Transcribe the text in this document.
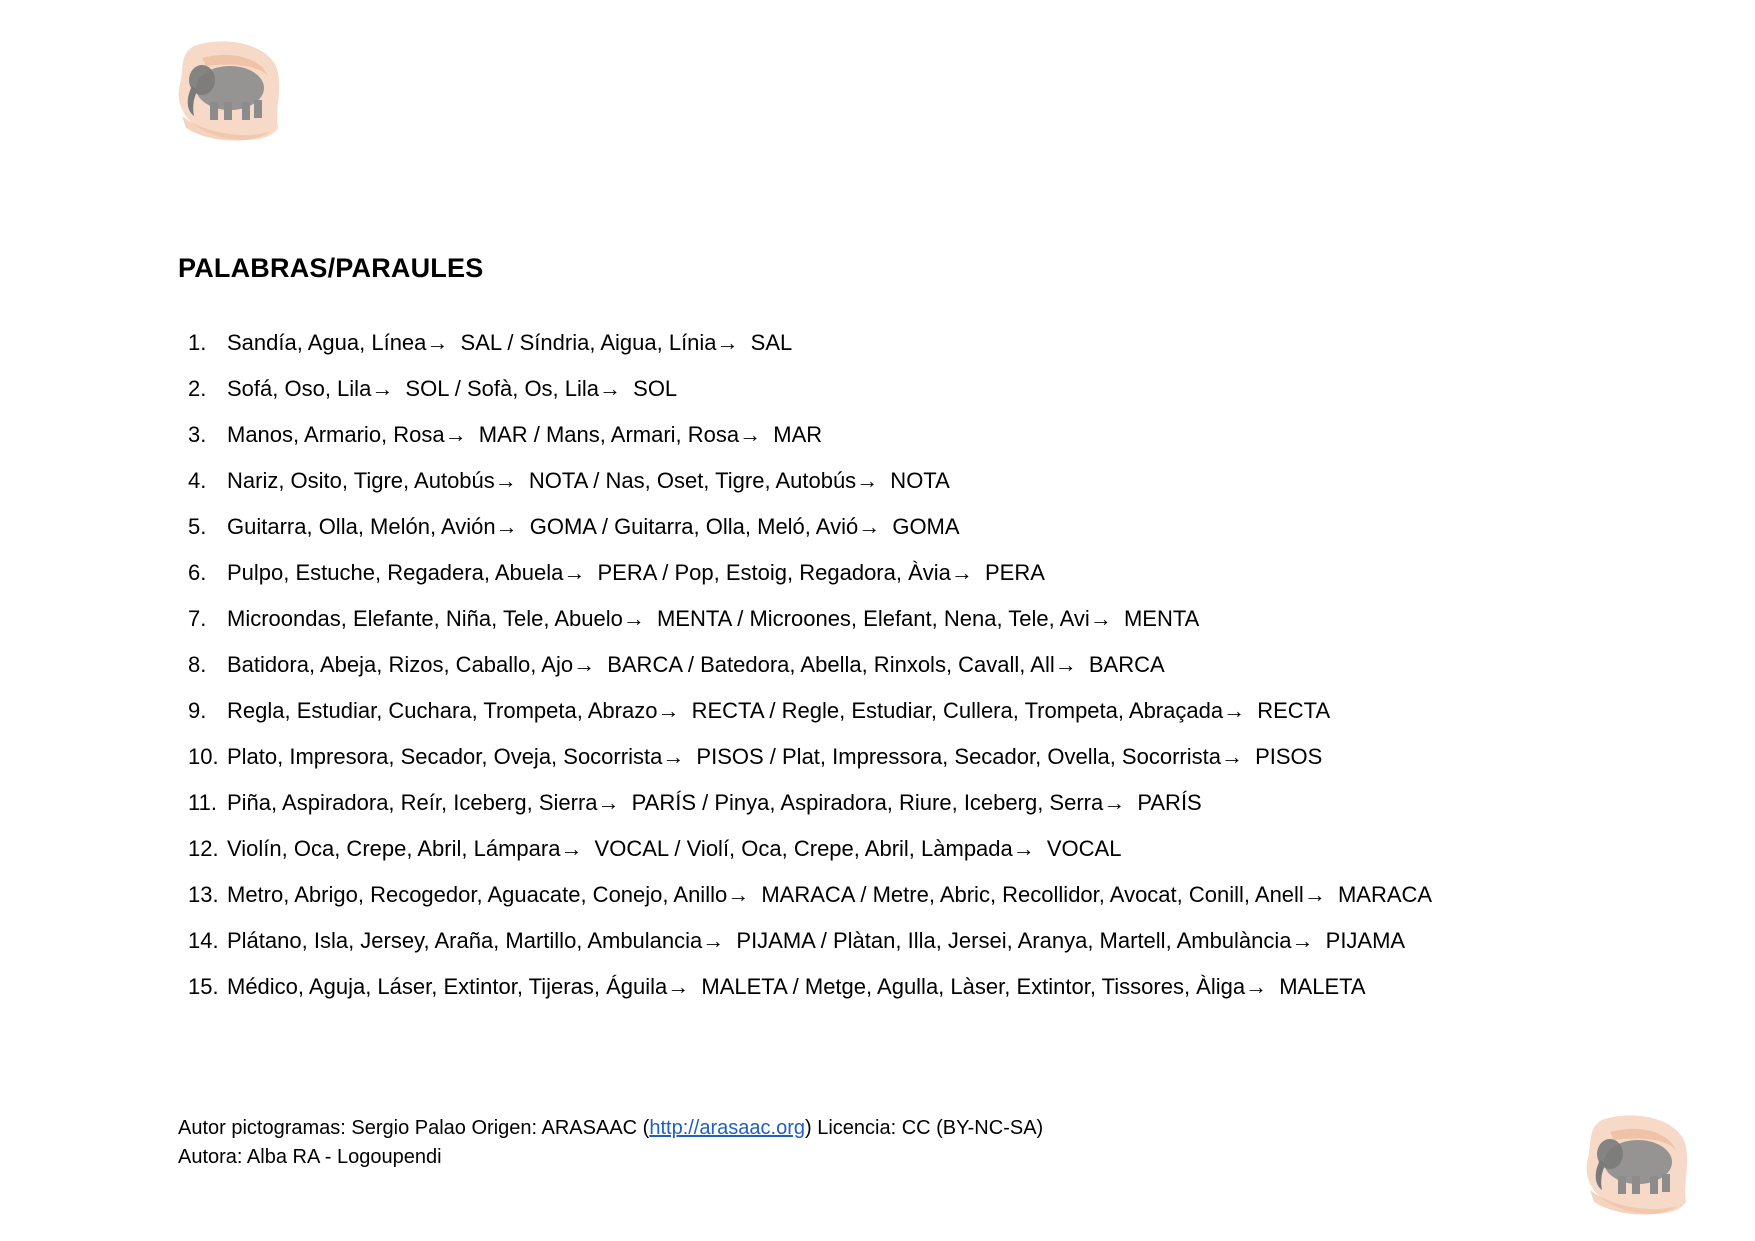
PALABRAS/PARAULES
1. Sandía, Agua, Línea→ SAL / Síndria, Aigua, Línia→ SAL
2. Sofá, Oso, Lila→ SOL / Sofà, Os, Lila→ SOL
3. Manos, Armario, Rosa→ MAR / Mans, Armari, Rosa→ MAR
4. Nariz, Osito, Tigre, Autobús→ NOTA / Nas, Oset, Tigre, Autobús→ NOTA
5. Guitarra, Olla, Melón, Avión→ GOMA / Guitarra, Olla, Meló, Avió→ GOMA
6. Pulpo, Estuche, Regadera, Abuela→ PERA / Pop, Estoig, Regadora, Àvia→ PERA
7. Microondas, Elefante, Niña, Tele, Abuelo→ MENTA / Microones, Elefant, Nena, Tele, Avi→ MENTA
8. Batidora, Abeja, Rizos, Caballo, Ajo→ BARCA / Batedora, Abella, Rinxols, Cavall, All→ BARCA
9. Regla, Estudiar, Cuchara, Trompeta, Abrazo→ RECTA / Regle, Estudiar, Cullera, Trompeta, Abraçada→ RECTA
10. Plato, Impresora, Secador, Oveja, Socorrista→ PISOS / Plat, Impressora, Secador, Ovella, Socorrista→ PISOS
11. Piña, Aspiradora, Reír, Iceberg, Sierra→ PARÍS / Pinya, Aspiradora, Riure, Iceberg, Serra→ PARÍS
12. Violín, Oca, Crepe, Abril, Lámpara→ VOCAL / Violí, Oca, Crepe, Abril, Làmpada→ VOCAL
13. Metro, Abrigo, Recogedor, Aguacate, Conejo, Anillo→ MARACA / Metre, Abric, Recollidor, Avocat, Conill, Anell→ MARACA
14. Plátano, Isla, Jersey, Araña, Martillo, Ambulancia→ PIJAMA / Plàtan, Illa, Jersei, Aranya, Martell, Ambulància→ PIJAMA
15. Médico, Aguja, Láser, Extintor, Tijeras, Águila→ MALETA / Metge, Agulla, Làser, Extintor, Tissores, Àliga→ MALETA
Autor pictogramas: Sergio Palao Origen: ARASAAC (http://arasaac.org) Licencia: CC (BY-NC-SA)
Autora: Alba RA - Logoupendi
